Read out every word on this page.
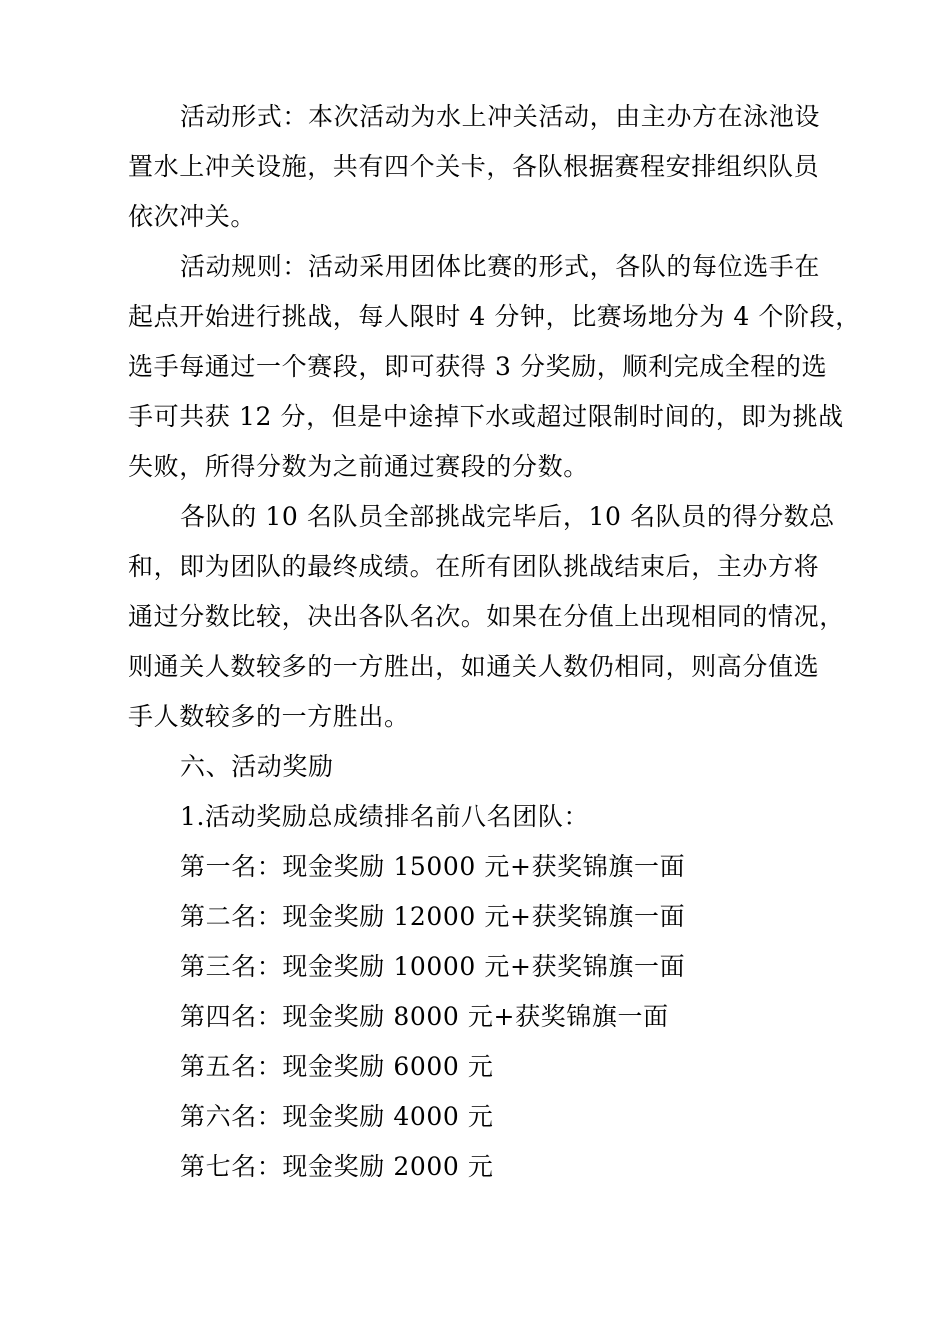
活动形式：本次活动为水上冲关活动，由主办方在泳池设
置水上冲关设施，共有四个关卡，各队根据赛程安排组织队员
依次冲关。
活动规则：活动采用团体比赛的形式，各队的每位选手在
起点开始进行挑战，每人限时 4 分钟，比赛场地分为 4 个阶段，
选手每通过一个赛段，即可获得 3 分奖励，顺利完成全程的选
手可共获 12 分，但是中途掉下水或超过限制时间的，即为挑战
失败，所得分数为之前通过赛段的分数。
各队的 10 名队员全部挑战完毕后，10 名队员的得分数总
和，即为团队的最终成绩。在所有团队挑战结束后，主办方将
通过分数比较，决出各队名次。如果在分值上出现相同的情况，
则通关人数较多的一方胜出，如通关人数仍相同，则高分值选
手人数较多的一方胜出。
六、活动奖励
1.活动奖励总成绩排名前八名团队：
第一名：现金奖励 15000 元+获奖锦旗一面
第二名：现金奖励 12000 元+获奖锦旗一面
第三名：现金奖励 10000 元+获奖锦旗一面
第四名：现金奖励 8000 元+获奖锦旗一面
第五名：现金奖励 6000 元
第六名：现金奖励 4000 元
第七名：现金奖励 2000 元
